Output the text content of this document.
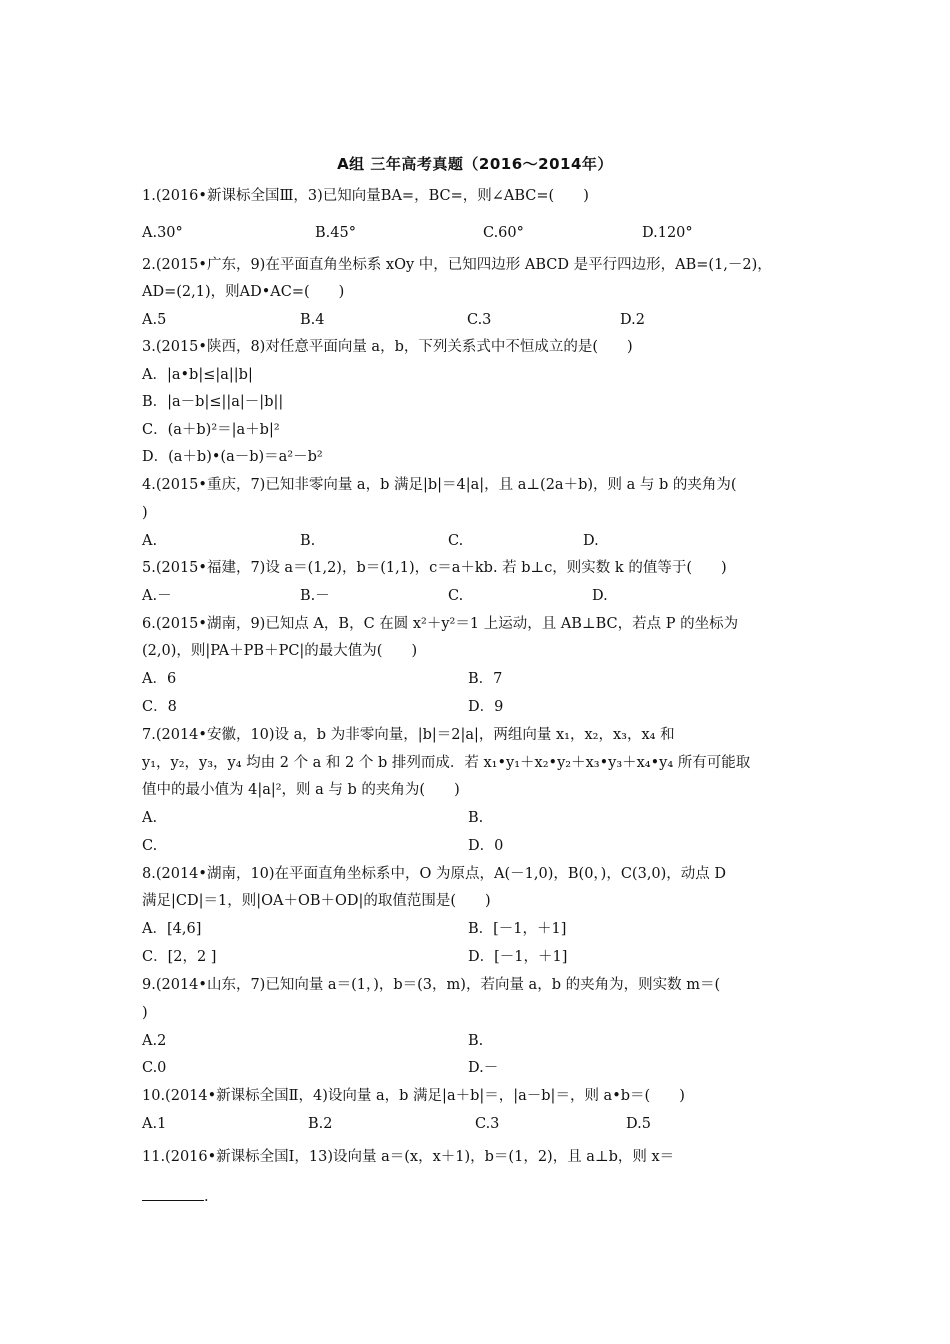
A组 三年高考真题（2016～2014年）
1.(2016•新课标全国Ⅲ，3)已知向量BA=，BC=，则∠ABC=(　　)
A.30°	B.45°	C.60°	D.120°
2.(2015•广东，9)在平面直角坐标系 xOy 中，已知四边形 ABCD 是平行四边形，AB=(1,－2)，
AD=(2,1)，则AD•AC=(　　)
A.5	B.4	C.3	D.2
3.(2015•陕西，8)对任意平面向量 a，b，下列关系式中不恒成立的是(　　)
A．|a•b|≤|a||b|
B．|a－b|≤||a|－|b||
C．(a＋b)²＝|a＋b|²
D．(a＋b)•(a－b)＝a²－b²
4.(2015•重庆，7)已知非零向量 a，b 满足|b|＝4|a|，且 a⊥(2a＋b)，则 a 与 b 的夹角为(
)
A.	B.	C.	D.
5.(2015•福建，7)设 a＝(1,2)，b＝(1,1)，c＝a＋kb. 若 b⊥c，则实数 k 的值等于(　　)
A.－	B.－	C.	D.
6.(2015•湖南，9)已知点 A，B，C 在圆 x²＋y²＝1 上运动，且 AB⊥BC，若点 P 的坐标为
(2,0)，则|PA＋PB＋PC|的最大值为(　　)
A．6	B．7
C．8	D．9
7.(2014•安徽，10)设 a，b 为非零向量，|b|＝2|a|，两组向量 x₁，x₂，x₃，x₄ 和
y₁，y₂，y₃，y₄ 均由 2 个 a 和 2 个 b 排列而成．若 x₁•y₁＋x₂•y₂＋x₃•y₃＋x₄•y₄ 所有可能取
值中的最小值为 4|a|²，则 a 与 b 的夹角为(　　)
A.	B.
C.	D．0
8.(2014•湖南，10)在平面直角坐标系中，O 为原点，A(－1,0)，B(0，)，C(3,0)，动点 D
满足|CD|＝1，则|OA＋OB＋OD|的取值范围是(　　)
A．[4,6]	B．[－1，＋1]
C．[2，2 ]	D．[－1，＋1]
9.(2014•山东，7)已知向量 a＝(1，)，b＝(3，m)，若向量 a，b 的夹角为，则实数 m＝(
)
A.2	B.
C.0	D.－
10.(2014•新课标全国Ⅱ，4)设向量 a，b 满足|a＋b|＝，|a－b|＝，则 a•b＝(　　)
A.1	B.2	C.3	D.5
11.(2016•新课标全国Ⅰ，13)设向量 a＝(x，x＋1)，b＝(1，2)，且 a⊥b，则 x＝
.
